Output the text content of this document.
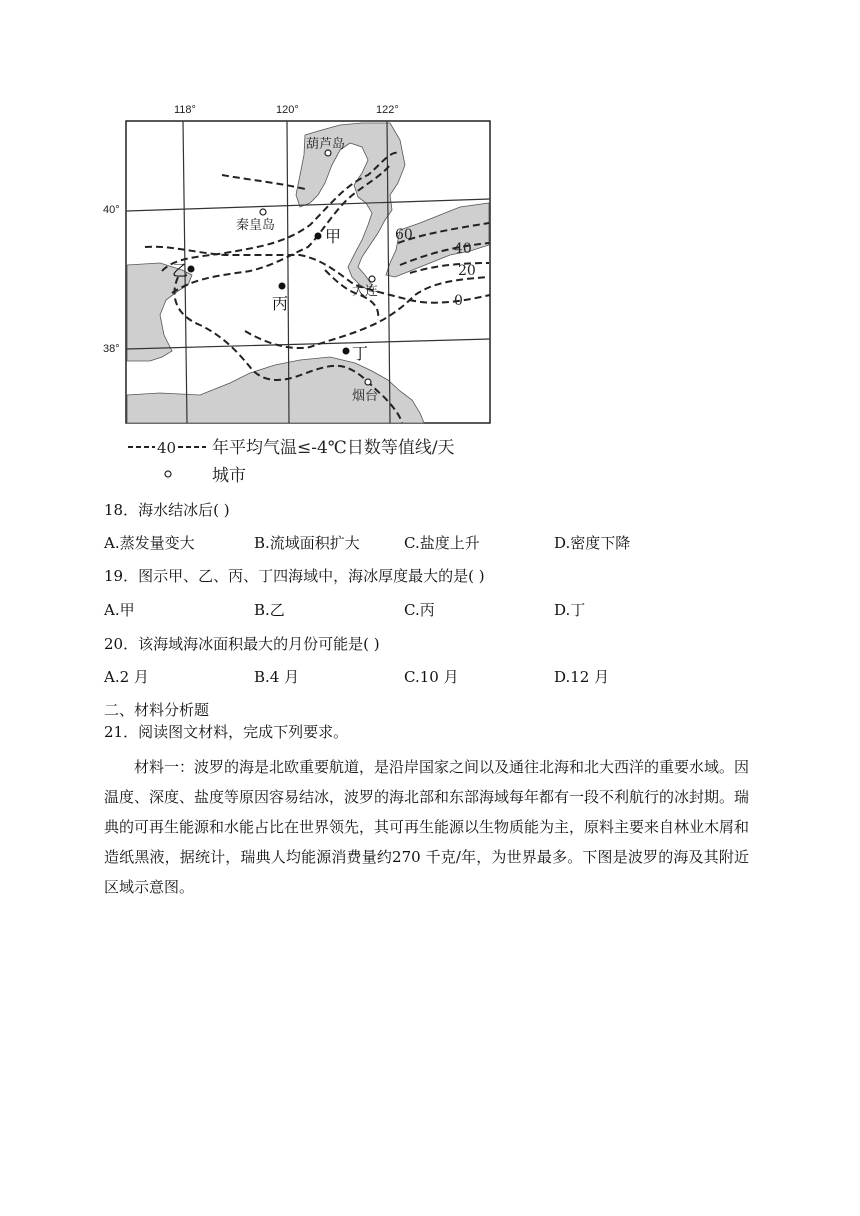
118°	120°	122°
40°
38°
60
40
20
0
葫芦岛
秦皇岛
大连
烟台
甲
乙
丙
丁
40 年平均气温≤-4℃日数等值线/天
城市
18．海水结冰后( )
A.蒸发量变大	B.流域面积扩大	C.盐度上升	D.密度下降
19．图示甲、乙、丙、丁四海域中，海冰厚度最大的是( )
A.甲	B.乙	C.丙	D.丁
20．该海域海冰面积最大的月份可能是( )
A.2 月	B.4 月	C.10 月	D.12 月
二、材料分析题
21．阅读图文材料，完成下列要求。
材料一：波罗的海是北欧重要航道，是沿岸国家之间以及通往北海和北大西洋的重要水域。因温度、深度、盐度等原因容易结冰，波罗的海北部和东部海域每年都有一段不利航行的冰封期。瑞典的可再生能源和水能占比在世界领先，其可再生能源以生物质能为主，原料主要来自林业木屑和造纸黑液，据统计，瑞典人均能源消费量约270 千克/年，为世界最多。下图是波罗的海及其附近区域示意图。
